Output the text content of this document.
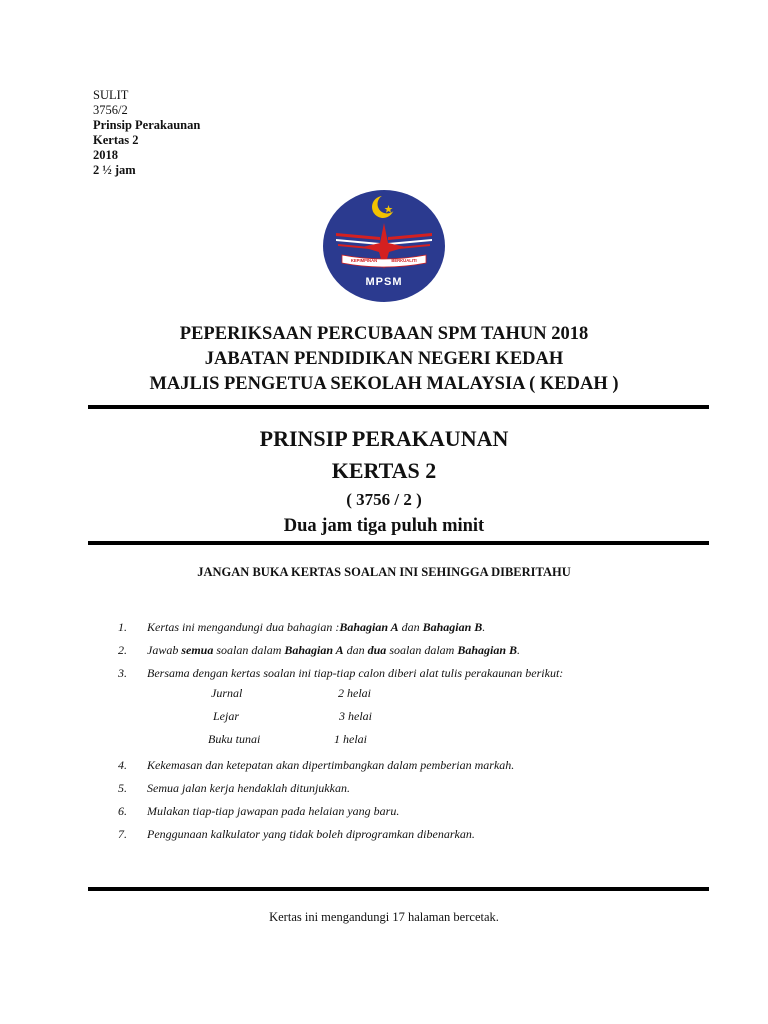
SULIT
3756/2
Prinsip Perakaunan
Kertas 2
2018
2 ½ jam
KEPIMPINAN	BERKUALITI
MPSM
PEPERIKSAAN PERCUBAAN SPM TAHUN 2018
JABATAN PENDIDIKAN NEGERI KEDAH
MAJLIS PENGETUA SEKOLAH MALAYSIA ( KEDAH )
PRINSIP PERAKAUNAN
KERTAS 2
( 3756 / 2 )
Dua jam tiga puluh minit
JANGAN BUKA KERTAS SOALAN INI SEHINGGA DIBERITAHU
1.	Kertas ini mengandungi dua bahagian :Bahagian A dan Bahagian B.
2.	Jawab semua soalan dalam Bahagian A dan dua soalan dalam Bahagian B.
3.	Bersama dengan kertas soalan ini tiap-tiap calon diberi alat tulis perakaunan berikut:
Jurnal	2 helai
Lejar	3 helai
Buku tunai	1 helai
4.	Kekemasan dan ketepatan akan dipertimbangkan dalam pemberian markah.
5.	Semua jalan kerja hendaklah ditunjukkan.
6.	Mulakan tiap-tiap jawapan pada helaian yang baru.
7.	Penggunaan kalkulator yang tidak boleh diprogramkan dibenarkan.
Kertas ini mengandungi 17 halaman bercetak.
